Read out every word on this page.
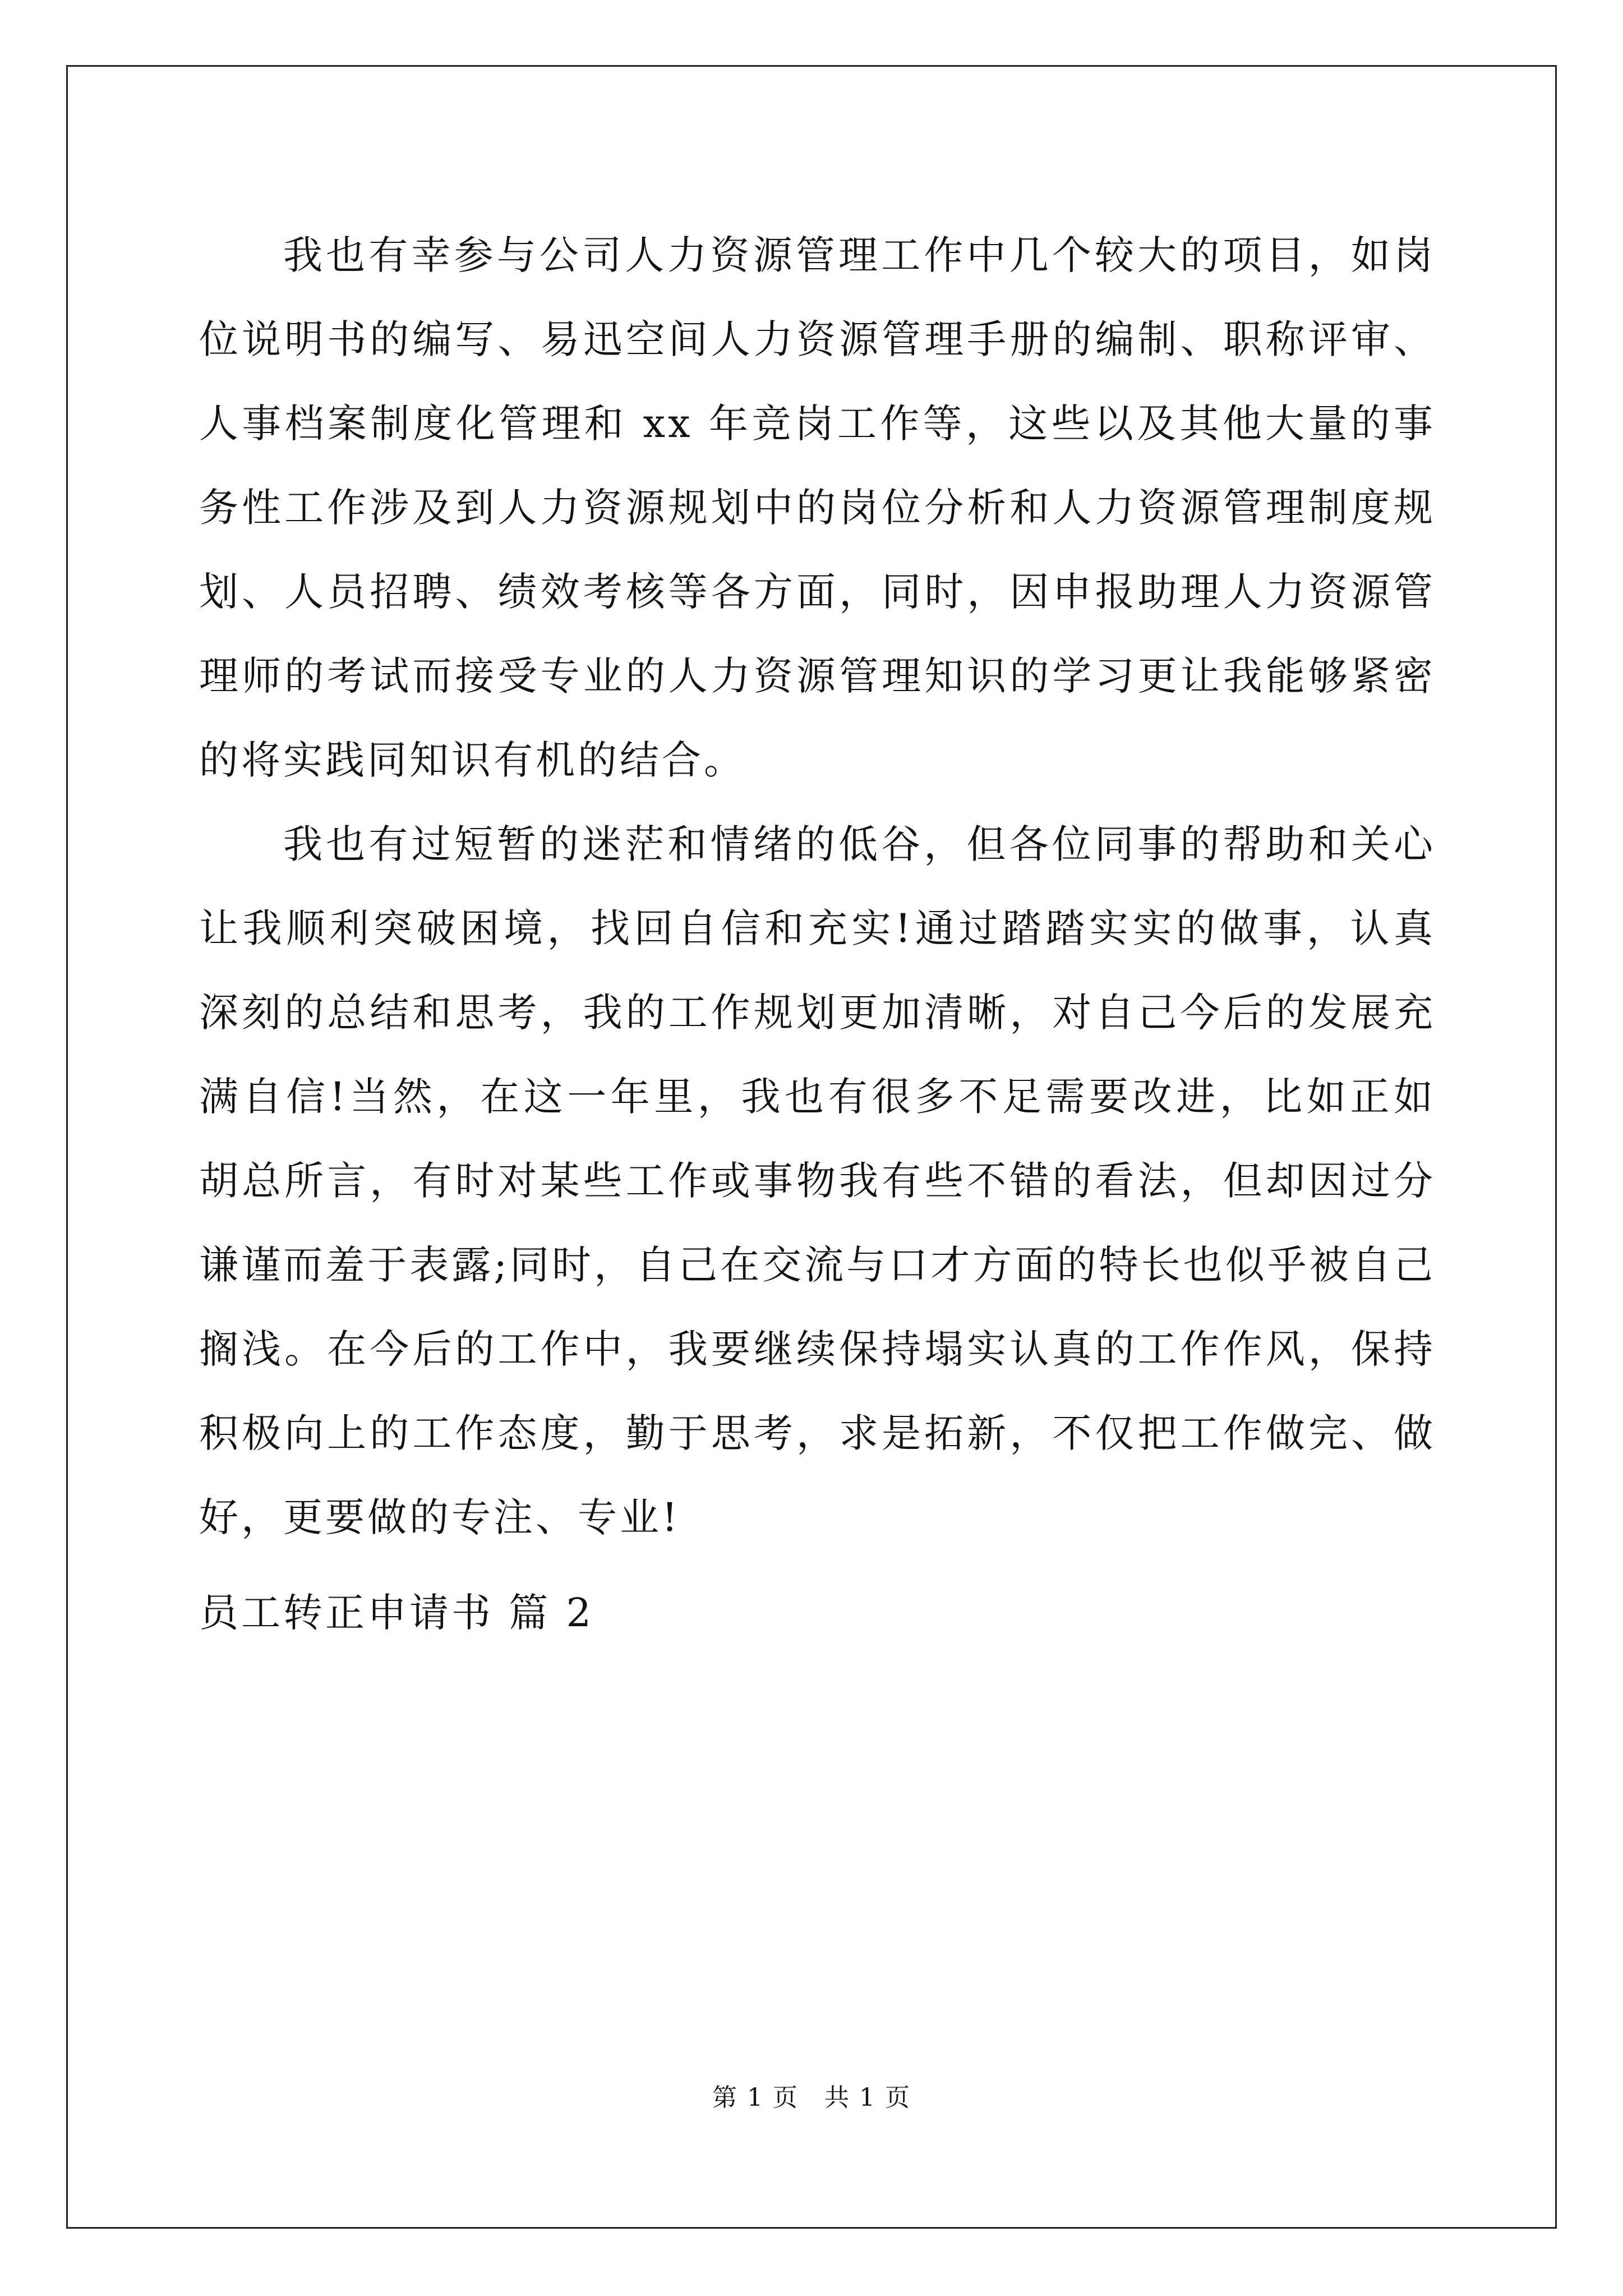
我也有幸参与公司人力资源管理工作中几个较大的项目，如岗位说明书的编写、易迅空间人力资源管理手册的编制、职称评审、人事档案制度化管理和 xx 年竞岗工作等，这些以及其他大量的事务性工作涉及到人力资源规划中的岗位分析和人力资源管理制度规划、人员招聘、绩效考核等各方面，同时，因申报助理人力资源管理师的考试而接受专业的人力资源管理知识的学习更让我能够紧密的将实践同知识有机的结合。

我也有过短暂的迷茫和情绪的低谷，但各位同事的帮助和关心让我顺利突破困境，找回自信和充实!通过踏踏实实的做事，认真深刻的总结和思考，我的工作规划更加清晰，对自己今后的发展充满自信!当然，在这一年里，我也有很多不足需要改进，比如正如胡总所言，有时对某些工作或事物我有些不错的看法，但却因过分谦谨而羞于表露;同时，自己在交流与口才方面的特长也似乎被自己搁浅。在今后的工作中，我要继续保持塌实认真的工作作风，保持积极向上的工作态度，勤于思考，求是拓新，不仅把工作做完、做好，更要做的专注、专业!

员工转正申请书 篇 2
第 1 页　共 1 页
